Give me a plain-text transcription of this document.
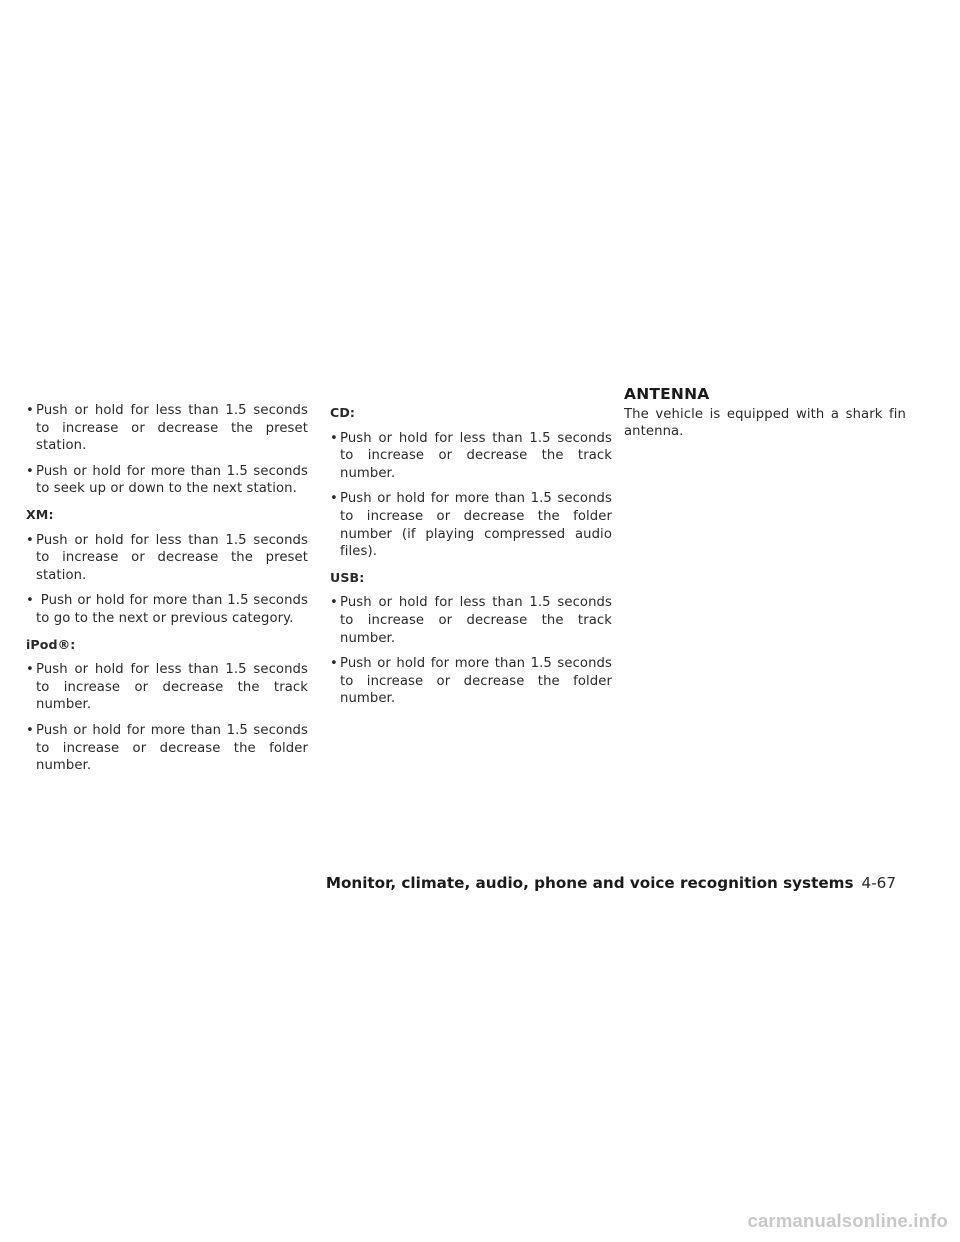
• Push or hold for less than 1.5 seconds to increase or decrease the preset station.

• Push or hold for more than 1.5 seconds to seek up or down to the next station.

XM:

• Push or hold for less than 1.5 seconds to increase or decrease the preset station.

• Push or hold for more than 1.5 seconds to go to the next or previous category.

iPod®:

• Push or hold for less than 1.5 seconds to increase or decrease the track number.

• Push or hold for more than 1.5 seconds to increase or decrease the folder number.

CD:

• Push or hold for less than 1.5 seconds to increase or decrease the track number.

• Push or hold for more than 1.5 seconds to increase or decrease the folder number (if playing compressed audio files).

USB:

• Push or hold for less than 1.5 seconds to increase or decrease the track number.

• Push or hold for more than 1.5 seconds to increase or decrease the folder number.

ANTENNA

The vehicle is equipped with a shark fin antenna.

Monitor, climate, audio, phone and voice recognition systems 4-67
carmanualsonline.info
